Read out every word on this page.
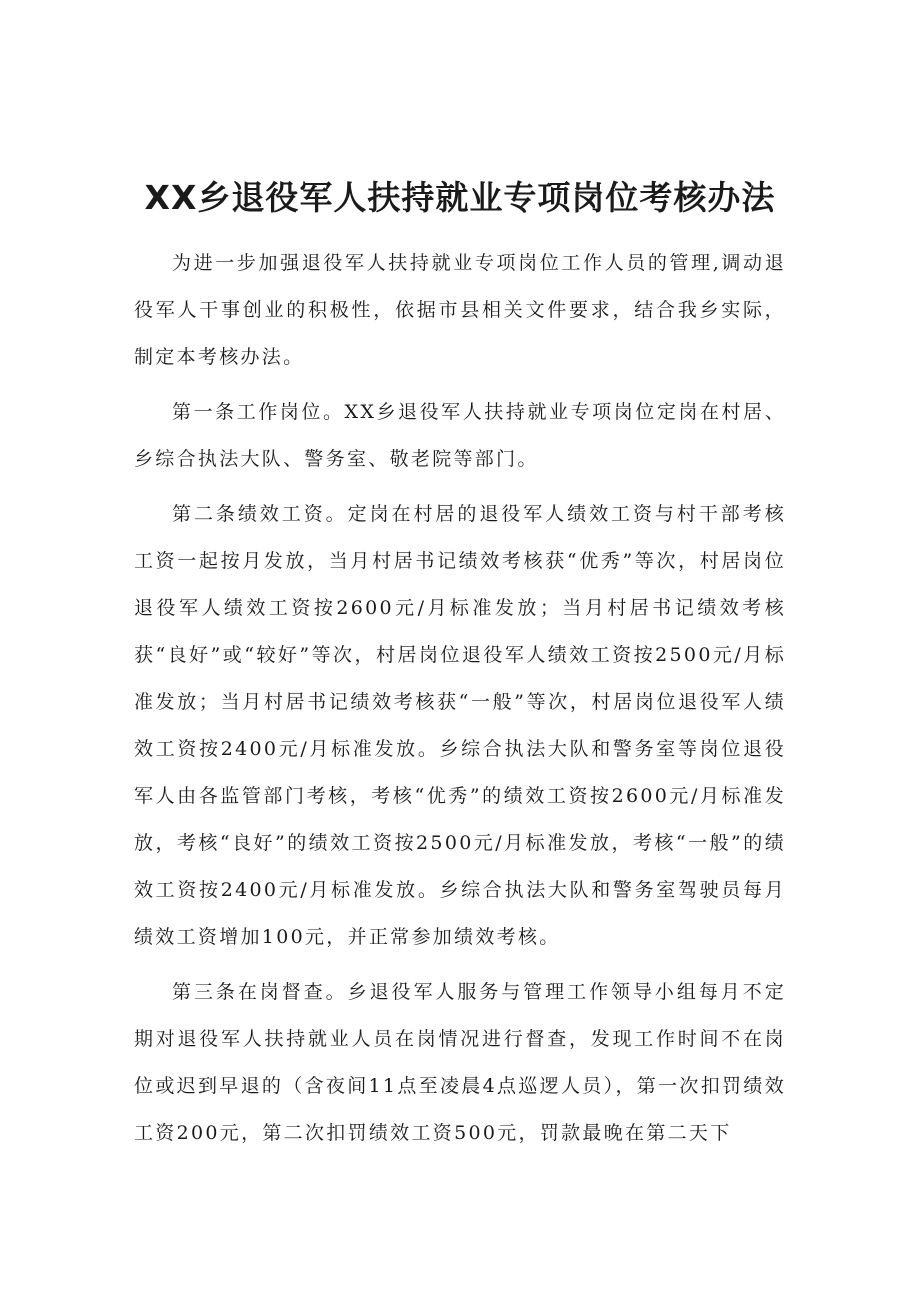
XX乡退役军人扶持就业专项岗位考核办法

为进一步加强退役军人扶持就业专项岗位工作人员的管理,调动退役军人干事创业的积极性，依据市县相关文件要求，结合我乡实际，制定本考核办法。

第一条工作岗位。XX乡退役军人扶持就业专项岗位定岗在村居、乡综合执法大队、警务室、敬老院等部门。

第二条绩效工资。定岗在村居的退役军人绩效工资与村干部考核工资一起按月发放，当月村居书记绩效考核获“优秀”等次，村居岗位退役军人绩效工资按2600元/月标准发放；当月村居书记绩效考核获“良好”或“较好”等次，村居岗位退役军人绩效工资按2500元/月标准发放；当月村居书记绩效考核获“一般”等次，村居岗位退役军人绩效工资按2400元/月标准发放。乡综合执法大队和警务室等岗位退役军人由各监管部门考核，考核“优秀”的绩效工资按2600元/月标准发放，考核“良好”的绩效工资按2500元/月标准发放，考核“一般”的绩效工资按2400元/月标准发放。乡综合执法大队和警务室驾驶员每月绩效工资增加100元，并正常参加绩效考核。

第三条在岗督查。乡退役军人服务与管理工作领导小组每月不定期对退役军人扶持就业人员在岗情况进行督查，发现工作时间不在岗位或迟到早退的（含夜间11点至凌晨4点巡逻人员），第一次扣罚绩效工资200元，第二次扣罚绩效工资500元，罚款最晚在第二天下
